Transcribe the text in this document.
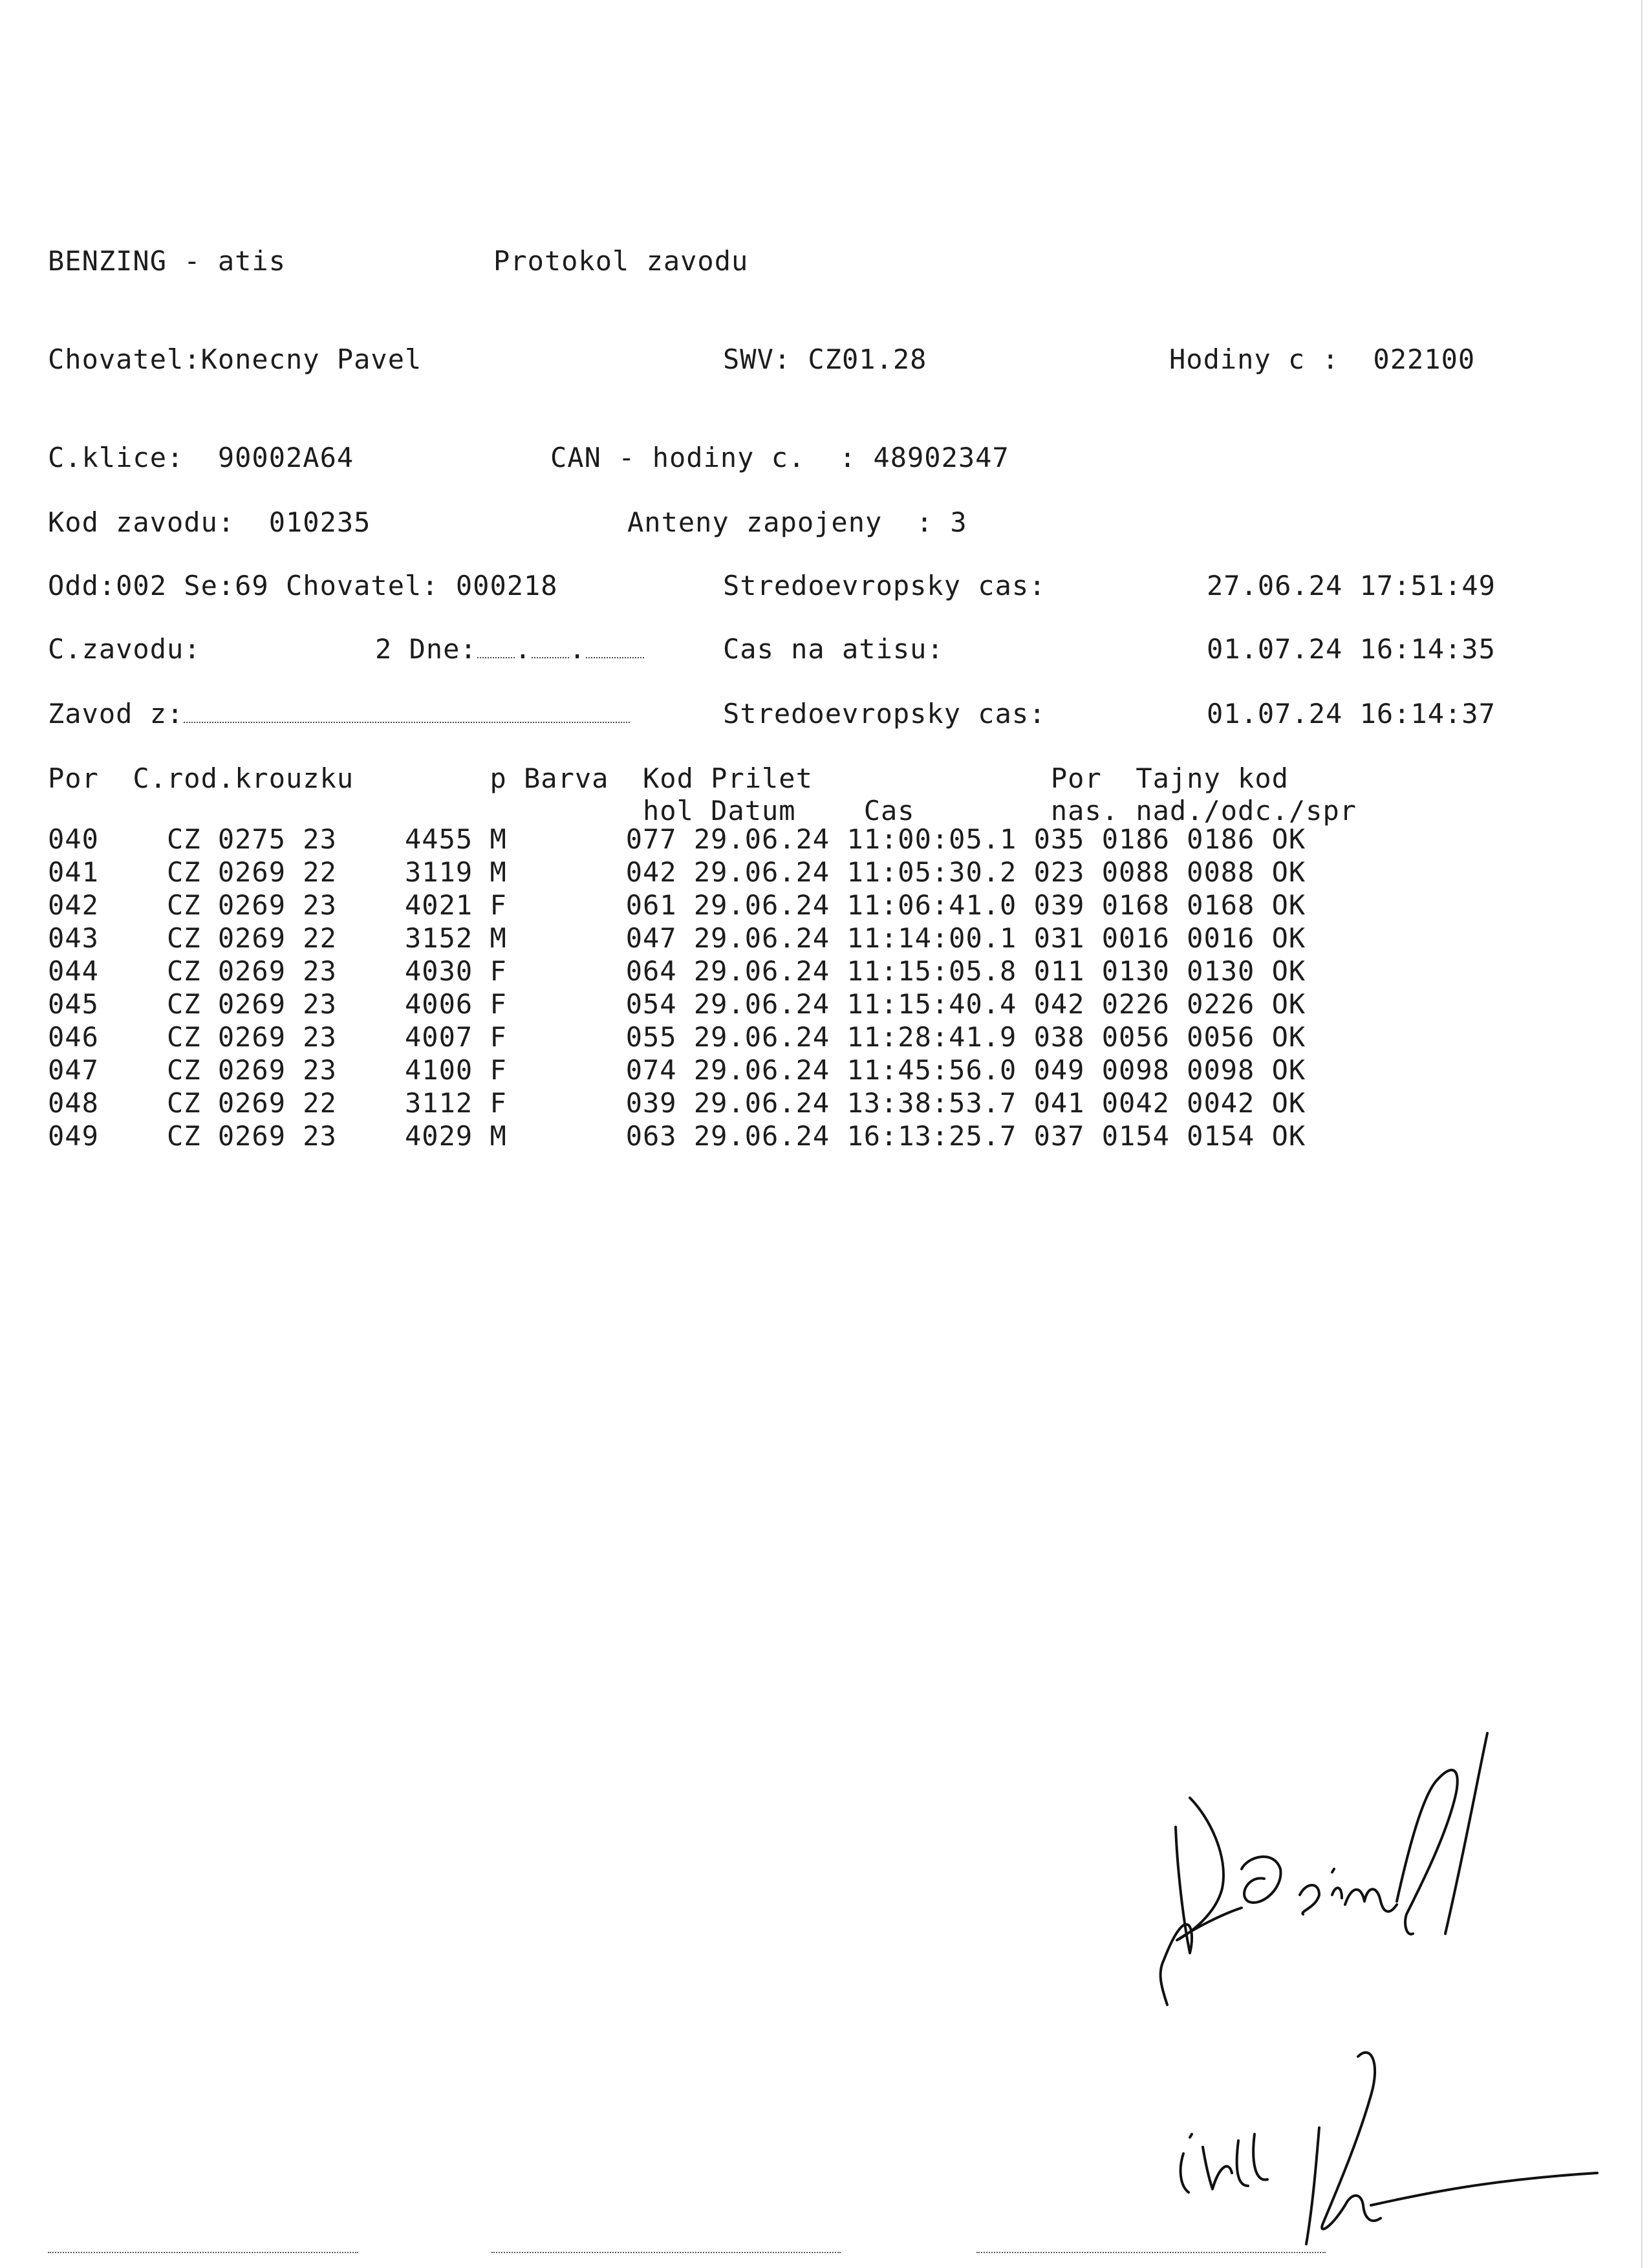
BENZING - atis	Protokol zavodu
Chovatel:Konecny Pavel	SWV: CZ01.28	Hodiny c :  022100
C.klice:  90002A64	CAN - hodiny c.  : 48902347
Kod zavodu:  010235	Anteny zapojeny  : 3
Odd:002 Se:69 Chovatel: 000218	Stredoevropsky cas:	27.06.24 17:51:49
C.zavodu:	2 Dne: . .	Cas na atisu:	01.07.24 16:14:35
Zavod z:	Stredoevropsky cas:	01.07.24 16:14:37
Por  C.rod.krouzku        p Barva  Kod Prilet              Por  Tajny kod
hol Datum    Cas        nas. nad./odc./spr
040    CZ 0275 23    4455 M       077 29.06.24 11:00:05.1 035 0186 0186 OK
041    CZ 0269 22    3119 M       042 29.06.24 11:05:30.2 023 0088 0088 OK
042    CZ 0269 23    4021 F       061 29.06.24 11:06:41.0 039 0168 0168 OK
043    CZ 0269 22    3152 M       047 29.06.24 11:14:00.1 031 0016 0016 OK
044    CZ 0269 23    4030 F       064 29.06.24 11:15:05.8 011 0130 0130 OK
045    CZ 0269 23    4006 F       054 29.06.24 11:15:40.4 042 0226 0226 OK
046    CZ 0269 23    4007 F       055 29.06.24 11:28:41.9 038 0056 0056 OK
047    CZ 0269 23    4100 F       074 29.06.24 11:45:56.0 049 0098 0098 OK
048    CZ 0269 22    3112 F       039 29.06.24 13:38:53.7 041 0042 0042 OK
049    CZ 0269 23    4029 M       063 29.06.24 16:13:25.7 037 0154 0154 OK
